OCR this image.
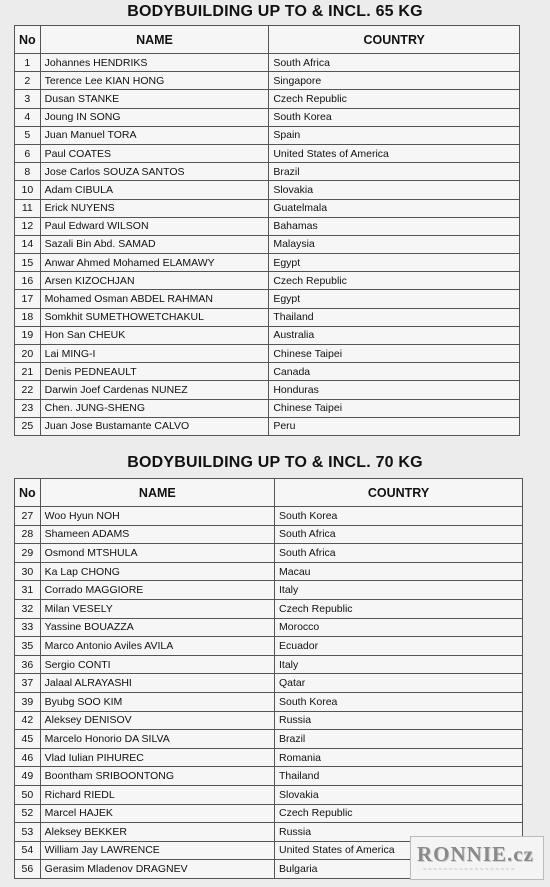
BODYBUILDING UP TO & INCL. 65 KG
No	NAME	COUNTRY
1	Johannes HENDRIKS	South Africa
2	Terence Lee KIAN HONG	Singapore
3	Dusan STANKE	Czech Republic
4	Joung IN SONG	South Korea
5	Juan Manuel TORA	Spain
6	Paul COATES	United States of America
8	Jose Carlos SOUZA SANTOS	Brazil
10	Adam CIBULA	Slovakia
11	Erick NUYENS	Guatelmala
12	Paul Edward WILSON	Bahamas
14	Sazali Bin Abd. SAMAD	Malaysia
15	Anwar Ahmed Mohamed ELAMAWY	Egypt
16	Arsen KIZOCHJAN	Czech Republic
17	Mohamed Osman ABDEL RAHMAN	Egypt
18	Somkhit SUMETHOWETCHAKUL	Thailand
19	Hon San CHEUK	Australia
20	Lai MING-I	Chinese Taipei
21	Denis PEDNEAULT	Canada
22	Darwin Joef Cardenas NUNEZ	Honduras
23	Chen. JUNG-SHENG	Chinese Taipei
25	Juan Jose Bustamante CALVO	Peru
BODYBUILDING UP TO & INCL. 70 KG
No	NAME	COUNTRY
27	Woo Hyun NOH	South Korea
28	Shameen ADAMS	South Africa
29	Osmond MTSHULA	South Africa
30	Ka Lap CHONG	Macau
31	Corrado MAGGIORE	Italy
32	Milan VESELY	Czech Republic
33	Yassine BOUAZZA	Morocco
35	Marco Antonio Aviles AVILA	Ecuador
36	Sergio CONTI	Italy
37	Jalaal ALRAYASHI	Qatar
39	Byubg SOO KIM	South Korea
42	Aleksey DENISOV	Russia
45	Marcelo Honorio DA SILVA	Brazil
46	Vlad Iulian PIHUREC	Romania
49	Boontham SRIBOONTONG	Thailand
50	Richard RIEDL	Slovakia
52	Marcel HAJEK	Czech Republic
53	Aleksey BEKKER	Russia
54	William Jay LAWRENCE	United States of America
56	Gerasim Mladenov DRAGNEV	Bulgaria
RONNIE.cz
~ ~ ~ ~ ~ ~ ~ ~ ~ ~ ~ ~ ~ ~ ~ ~ ~ ~
